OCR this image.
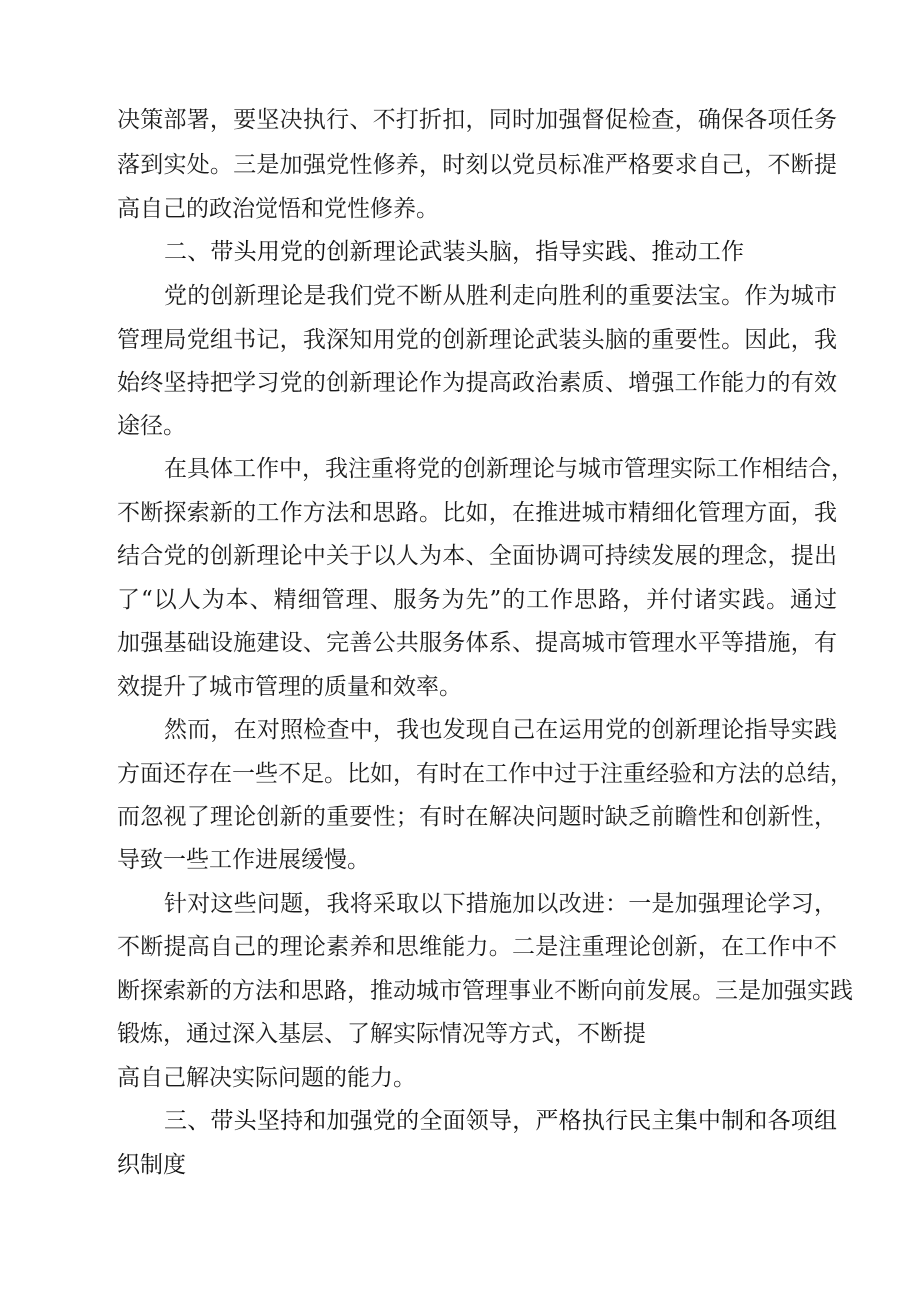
决策部署，要坚决执行、不打折扣，同时加强督促检查，确保各项任务
落到实处。三是加强党性修养，时刻以党员标准严格要求自己，不断提
高自己的政治觉悟和党性修养。
二、带头用党的创新理论武装头脑，指导实践、推动工作
党的创新理论是我们党不断从胜利走向胜利的重要法宝。作为城市
管理局党组书记，我深知用党的创新理论武装头脑的重要性。因此，我
始终坚持把学习党的创新理论作为提高政治素质、增强工作能力的有效
途径。
在具体工作中，我注重将党的创新理论与城市管理实际工作相结合，
不断探索新的工作方法和思路。比如，在推进城市精细化管理方面，我
结合党的创新理论中关于以人为本、全面协调可持续发展的理念，提出
了“以人为本、精细管理、服务为先”的工作思路，并付诸实践。通过
加强基础设施建设、完善公共服务体系、提高城市管理水平等措施，有
效提升了城市管理的质量和效率。
然而，在对照检查中，我也发现自己在运用党的创新理论指导实践
方面还存在一些不足。比如，有时在工作中过于注重经验和方法的总结，
而忽视了理论创新的重要性；有时在解决问题时缺乏前瞻性和创新性，
导致一些工作进展缓慢。
针对这些问题，我将采取以下措施加以改进：一是加强理论学习，
不断提高自己的理论素养和思维能力。二是注重理论创新，在工作中不
断探索新的方法和思路，推动城市管理事业不断向前发展。三是加强实践
锻炼，通过深入基层、了解实际情况等方式，不断提
高自己解决实际问题的能力。
三、带头坚持和加强党的全面领导，严格执行民主集中制和各项组
织制度
